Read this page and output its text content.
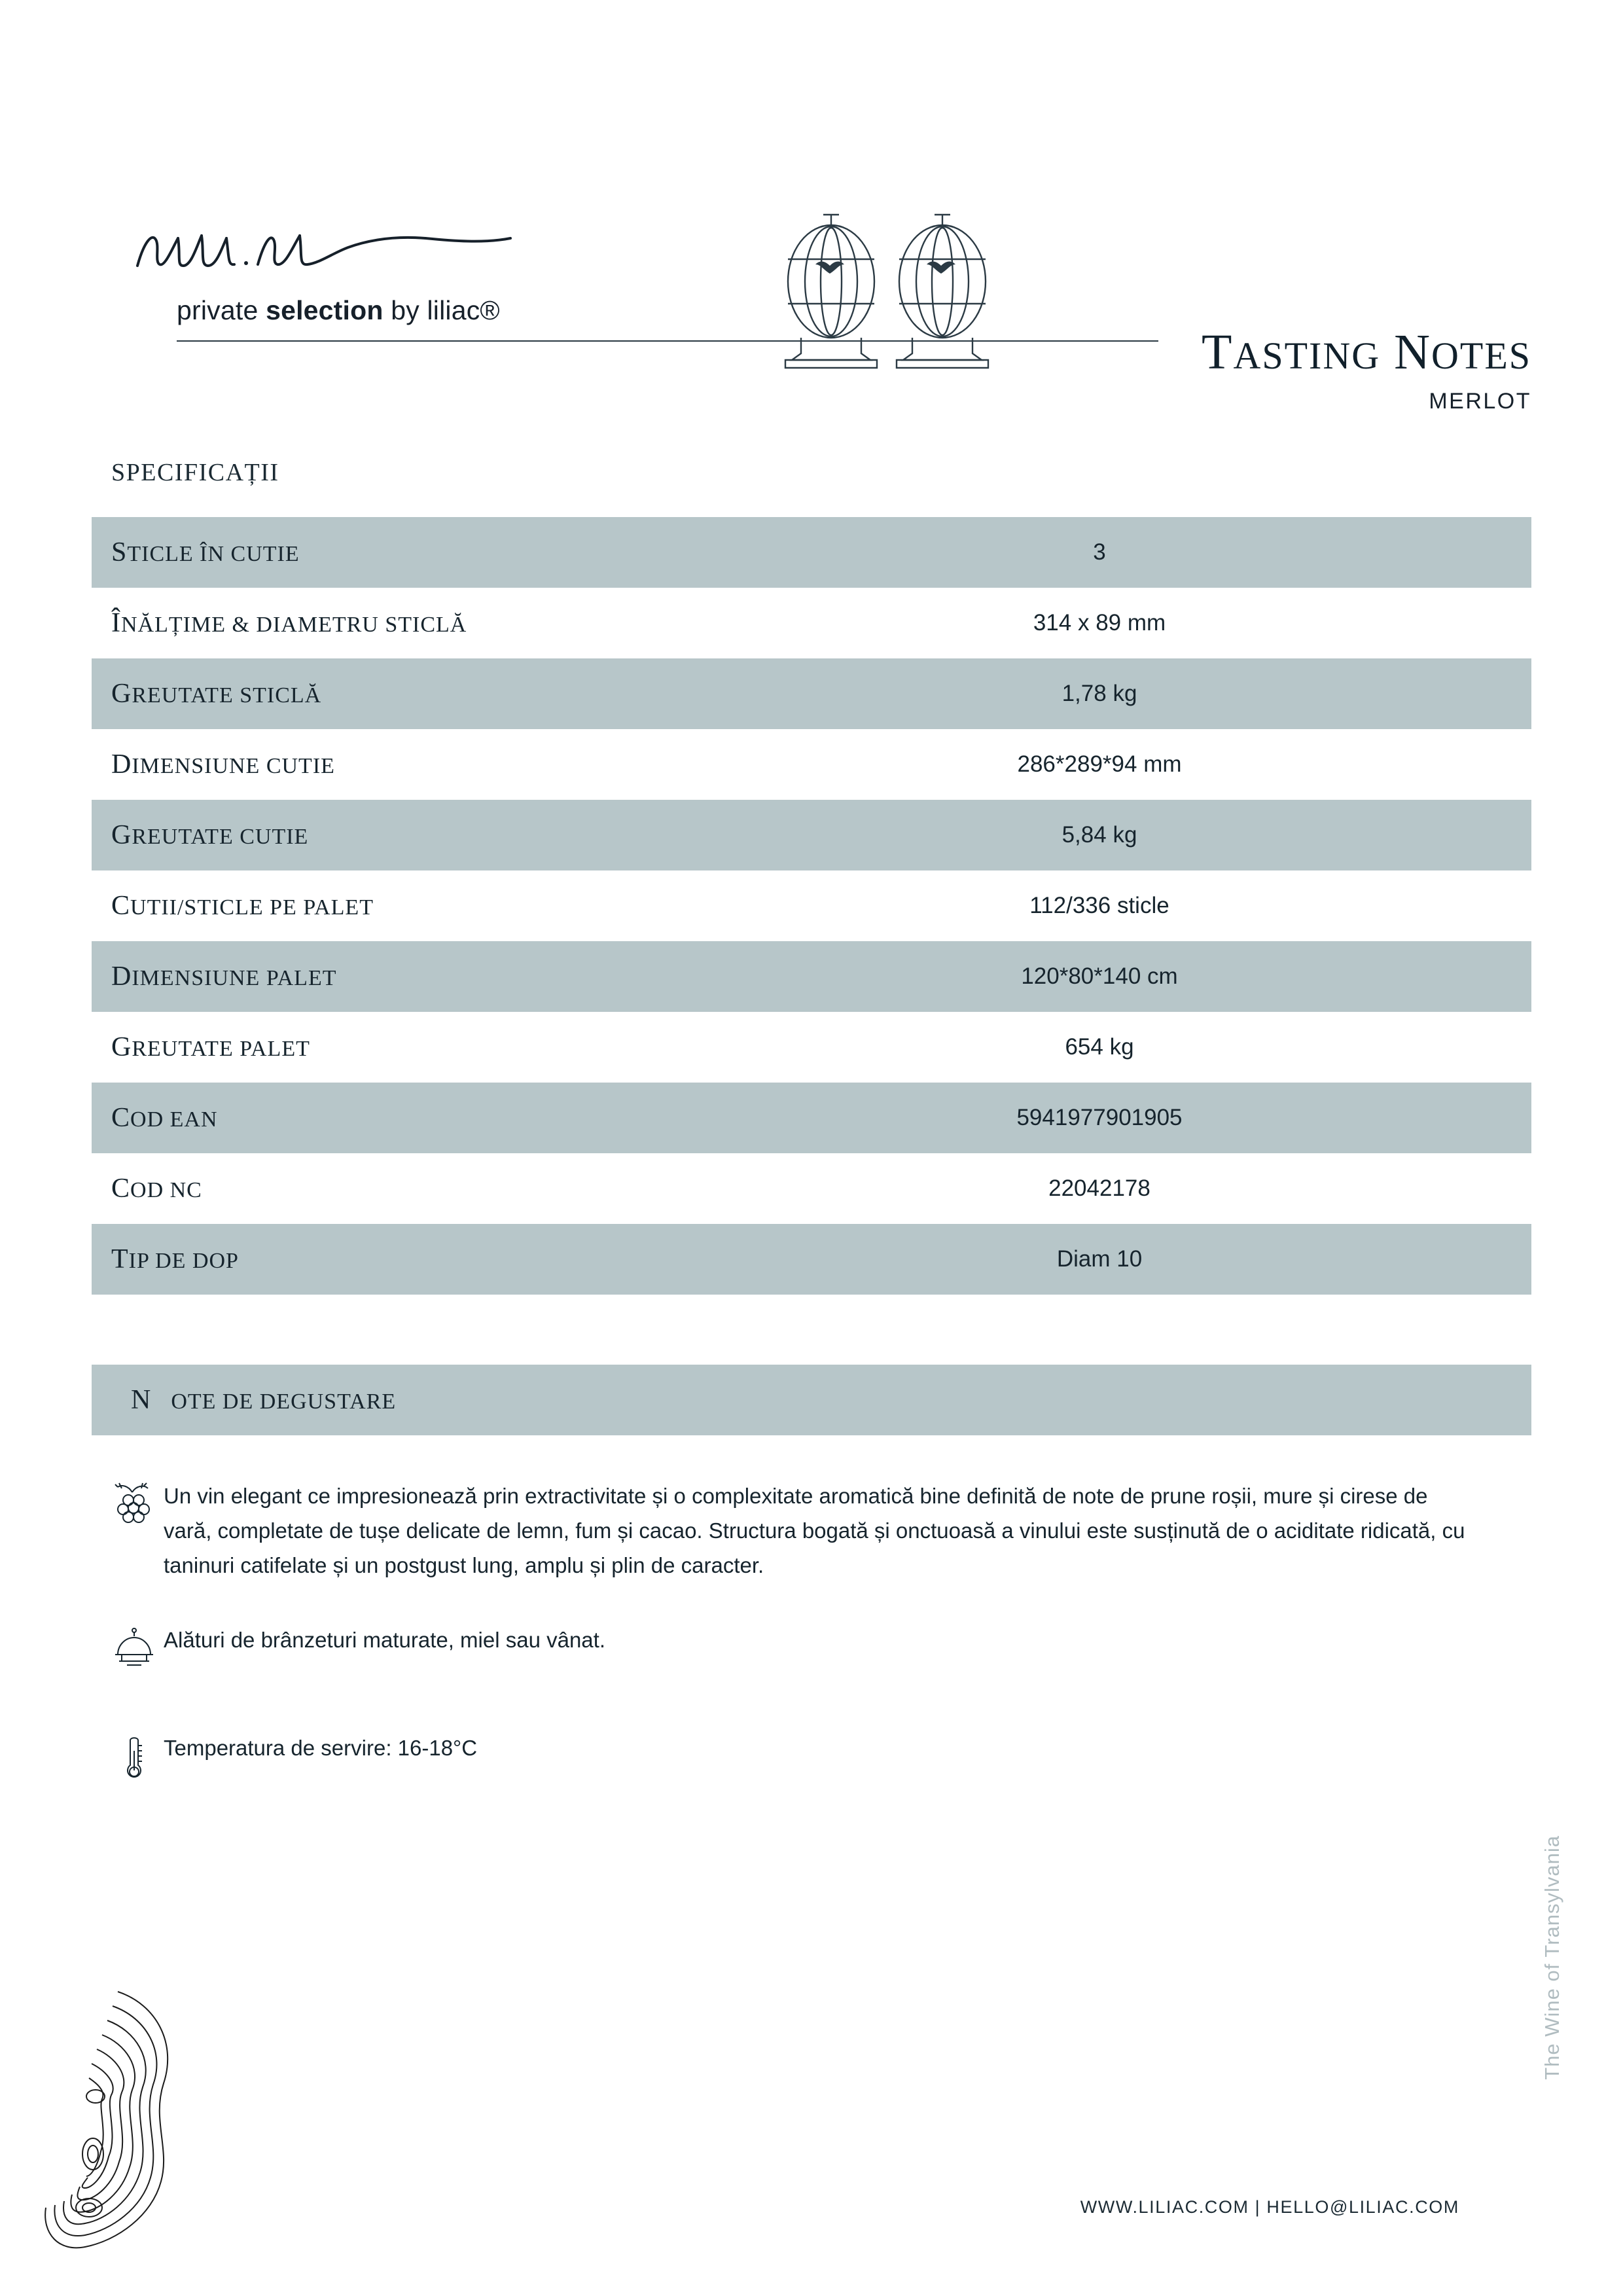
private selection by liliac®
TASTING NOTES
MERLOT
SPECIFICAȚII
STICLE ÎN CUTIE	3
ÎNĂLȚIME & DIAMETRU STICLĂ	314 x 89 mm
GREUTATE STICLĂ	1,78 kg
DIMENSIUNE CUTIE	286*289*94 mm
GREUTATE CUTIE	5,84 kg
CUTII/STICLE PE PALET	112/336 sticle
DIMENSIUNE PALET	120*80*140 cm
GREUTATE PALET	654 kg
COD EAN	5941977901905
COD NC	22042178
TIP DE DOP	Diam 10
N OTE DE DEGUSTARE
Un vin elegant ce impresionează prin extractivitate și o complexitate aromatică bine definită de note de prune roșii, mure și cirese de vară, completate de tușe delicate de lemn, fum și cacao. Structura bogată și onctuoasă a vinului este susținută de o aciditate ridicată, cu taninuri catifelate și un postgust lung, amplu și plin de caracter.
Alături de brânzeturi maturate, miel sau vânat.
Temperatura de servire: 16-18°C
The Wine of Transylvania
WWW.LILIAC.COM | HELLO@LILIAC.COM
